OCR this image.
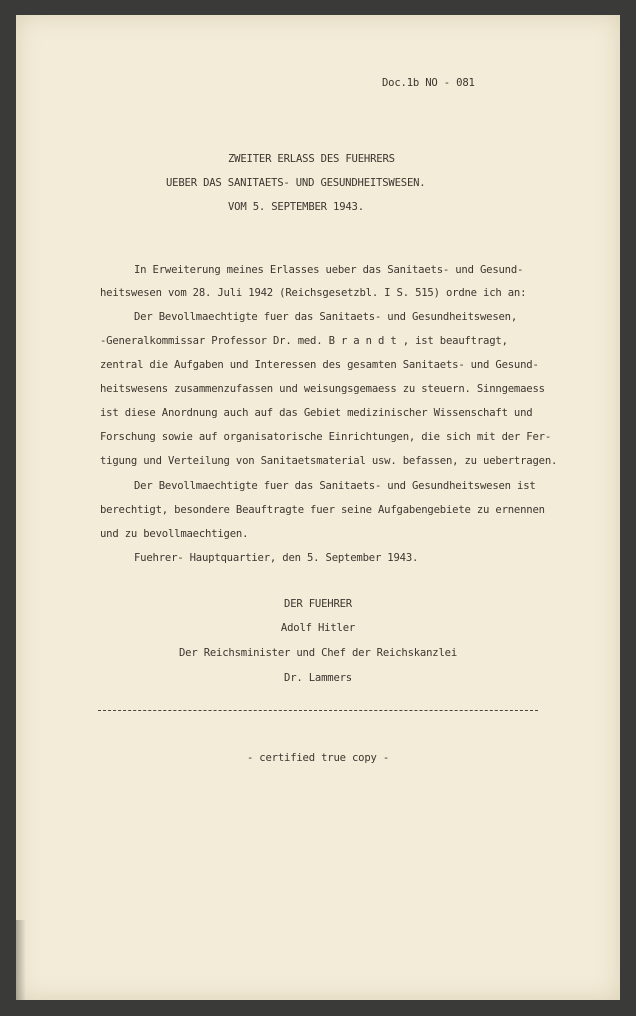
Doc.1b NO - 081
ZWEITER ERLASS DES FUEHRERS
UEBER DAS SANITAETS- UND GESUNDHEITSWESEN.
VOM 5. SEPTEMBER 1943.
In Erweiterung meines Erlasses ueber das Sanitaets- und Gesund-
heitswesen vom 28. Juli 1942 (Reichsgesetzbl. I S. 515) ordne ich an:
Der Bevollmaechtigte fuer das Sanitaets- und Gesundheitswesen,
-Generalkommissar Professor Dr. med. B r a n d t , ist beauftragt,
zentral die Aufgaben und Interessen des gesamten Sanitaets- und Gesund-
heitswesens zusammenzufassen und weisungsgemaess zu steuern. Sinngemaess
ist diese Anordnung auch auf das Gebiet medizinischer Wissenschaft und
Forschung sowie auf organisatorische Einrichtungen, die sich mit der Fer-
tigung und Verteilung von Sanitaetsmaterial usw. befassen, zu uebertragen.
Der Bevollmaechtigte fuer das Sanitaets- und Gesundheitswesen ist
berechtigt, besondere Beauftragte fuer seine Aufgabengebiete zu ernennen
und zu bevollmaechtigen.
Fuehrer- Hauptquartier, den 5. September 1943.
DER FUEHRER
Adolf Hitler
Der Reichsminister und Chef der Reichskanzlei
Dr. Lammers
- certified true copy -
